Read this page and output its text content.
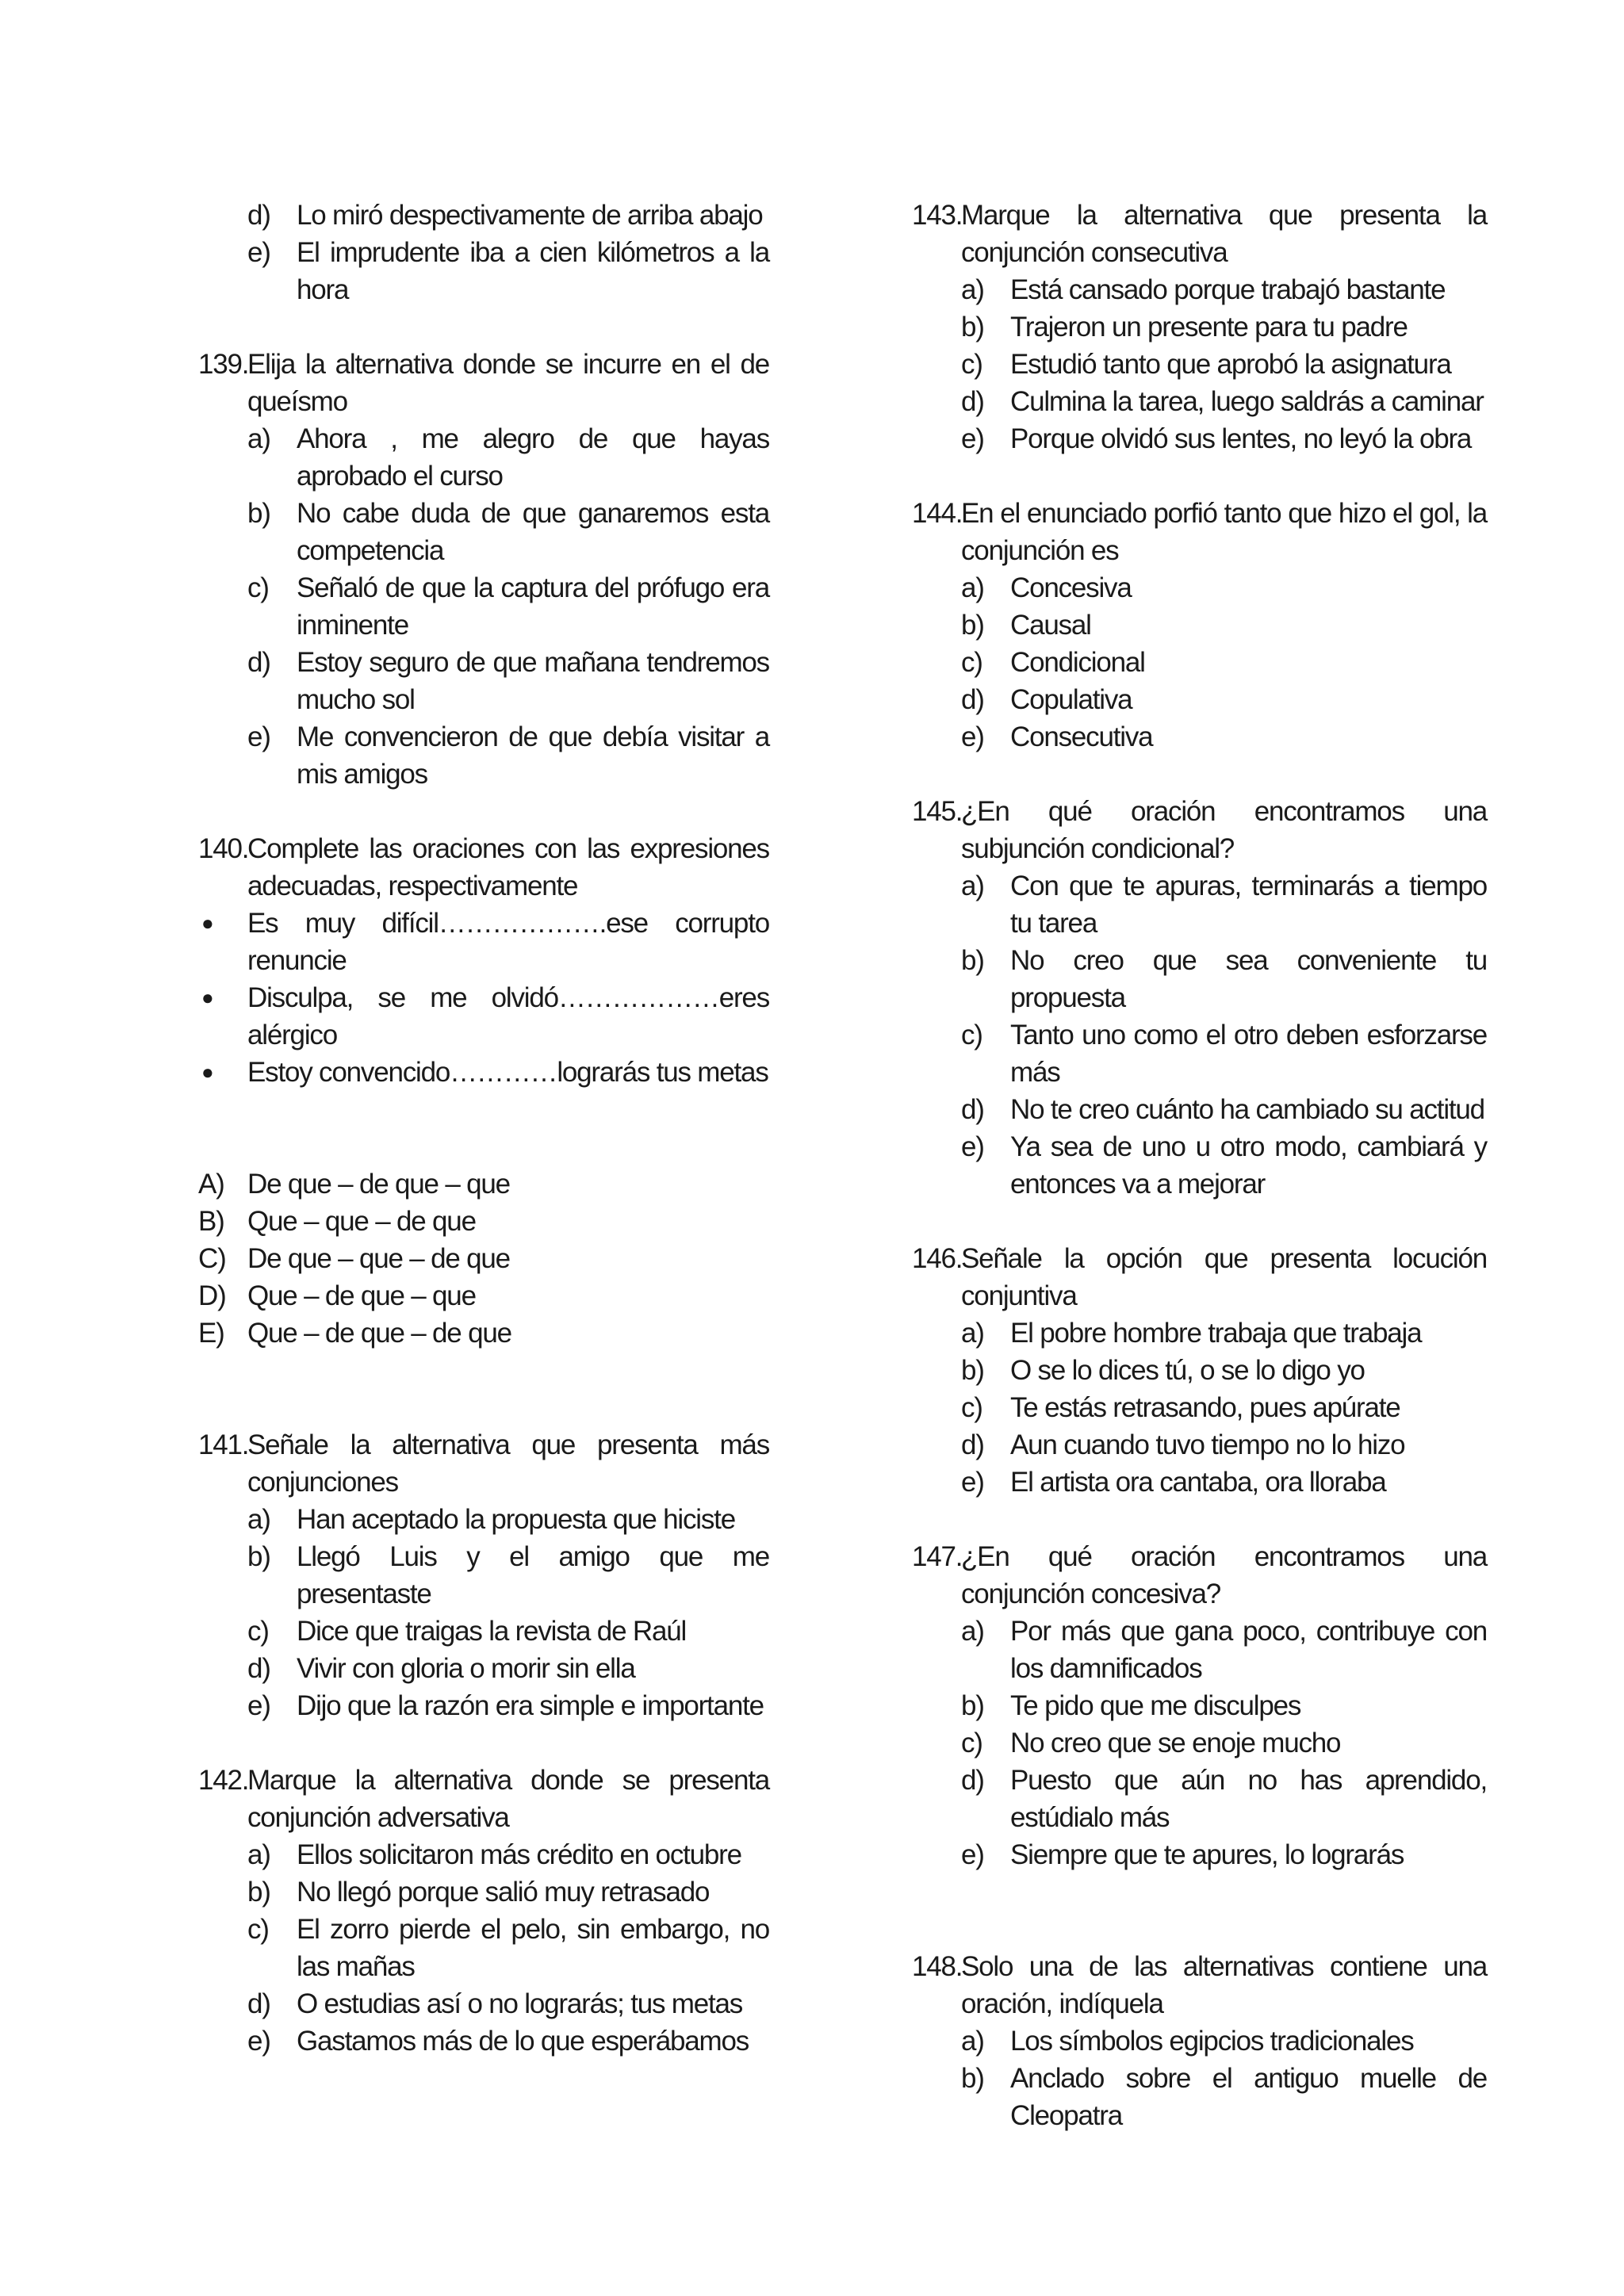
d) Lo miró despectivamente de arriba abajo
e) El imprudente iba a cien kilómetros a la hora
139.
Elija la alternativa donde se incurre en el de queísmo
a) Ahora , me alegro de que hayas aprobado el curso
b) No cabe duda de que ganaremos esta competencia
c) Señaló de que la captura del prófugo era inminente
d) Estoy seguro de que mañana tendremos mucho sol
e) Me convencieron de que debía visitar a mis amigos
140.
Complete las oraciones con las expresiones adecuadas, respectivamente
● Es muy difícil……………….ese corrupto renuncie
● Disculpa, se me olvidó………………eres alérgico
● Estoy convencido…………lograrás tus metas
A) De que – de que – que
B) Que – que – de que
C) De que – que – de que
D) Que – de que – que
E) Que – de que – de que
141.
Señale la alternativa que presenta más conjunciones
a) Han aceptado la propuesta que hiciste
b) Llegó Luis y el amigo que me presentaste
c) Dice que traigas la revista de Raúl
d) Vivir con gloria o morir sin ella
e) Dijo que la razón era simple e importante
142.
Marque la alternativa donde se presenta conjunción adversativa
a) Ellos solicitaron más crédito en octubre
b) No llegó porque salió muy retrasado
c) El zorro pierde el pelo, sin embargo, no las mañas
d) O estudias así o no lograrás; tus metas
e) Gastamos más de lo que esperábamos
143.
Marque la alternativa que presenta la conjunción consecutiva
a) Está cansado porque trabajó bastante
b) Trajeron un presente para tu padre
c) Estudió tanto que aprobó la asignatura
d) Culmina la tarea, luego saldrás a caminar
e) Porque olvidó sus lentes, no leyó la obra
144.
En el enunciado porfió tanto que hizo el gol, la conjunción es
a) Concesiva
b) Causal
c) Condicional
d) Copulativa
e) Consecutiva
145.
¿En qué oración encontramos una subjunción condicional?
a) Con que te apuras, terminarás a tiempo tu tarea
b) No creo que sea conveniente tu propuesta
c) Tanto uno como el otro deben esforzarse más
d) No te creo cuánto ha cambiado su actitud
e) Ya sea de uno u otro modo, cambiará y entonces va a mejorar
146.
Señale la opción que presenta locución conjuntiva
a) El pobre hombre trabaja que trabaja
b) O se lo dices tú, o se lo digo yo
c) Te estás retrasando, pues apúrate
d) Aun cuando tuvo tiempo no lo hizo
e) El artista ora cantaba, ora lloraba
147.
¿En qué oración encontramos una conjunción concesiva?
a) Por más que gana poco, contribuye con los damnificados
b) Te pido que me disculpes
c) No creo que se enoje mucho
d) Puesto que aún no has aprendido, estúdialo más
e) Siempre que te apures, lo lograrás
148.
Solo una de las alternativas contiene una oración, indíquela
a) Los símbolos egipcios tradicionales
b) Anclado sobre el antiguo muelle de Cleopatra
